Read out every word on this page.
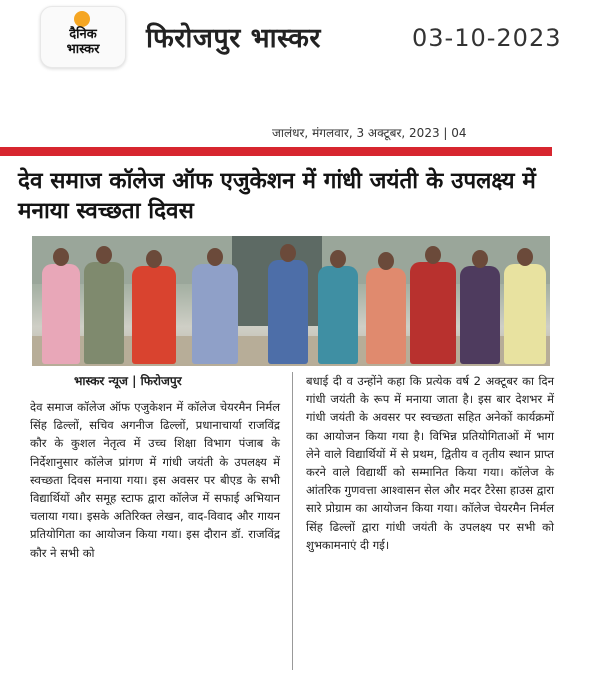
दैनिक
भास्कर फिरोजपुर भास्कर	03-10-2023
जालंधर, मंगलवार, 3 अक्टूबर, 2023 | 04
देव समाज कॉलेज ऑफ एजुकेशन में गांधी जयंती के उपलक्ष्य में मनाया स्वच्छता दिवस
भास्कर न्यूज | फिरोजपुर
देव समाज कॉलेज ऑफ एजुकेशन में कॉलेज चेयरमैन निर्मल सिंह ढिल्लों, सचिव अगनीज ढिल्लों, प्रधानाचार्या राजविंद्र कौर के कुशल नेतृत्व में उच्च शिक्षा विभाग पंजाब के निर्देशानुसार कॉलेज प्रांगण में गांधी जयंती के उपलक्ष्य में स्वच्छता दिवस मनाया गया। इस अवसर पर बीएड के सभी विद्यार्थियों और समूह स्टाफ द्वारा कॉलेज में सफाई अभियान चलाया गया। इसके अतिरिक्त लेखन, वाद-विवाद और गायन प्रतियोगिता का आयोजन किया गया। इस दौरान डॉ. राजविंद्र कौर ने सभी को
बधाई दी व उन्होंने कहा कि प्रत्येक वर्ष 2 अक्टूबर का दिन गांधी जयंती के रूप में मनाया जाता है। इस बार देशभर में गांधी जयंती के अवसर पर स्वच्छता सहित अनेकों कार्यक्रमों का आयोजन किया गया है। विभिन्न प्रतियोगिताओं में भाग लेने वाले विद्यार्थियों में से प्रथम, द्वितीय व तृतीय स्थान प्राप्त करने वाले विद्यार्थी को सम्मानित किया गया। कॉलेज के आंतरिक गुणवत्ता आश्वासन सेल और मदर टैरेसा हाउस द्वारा सारे प्रोग्राम का आयोजन किया गया। कॉलेज चेयरमैन निर्मल सिंह ढिल्लों द्वारा गांधी जयंती के उपलक्ष्य पर सभी को शुभकामनाएं दी गई।
